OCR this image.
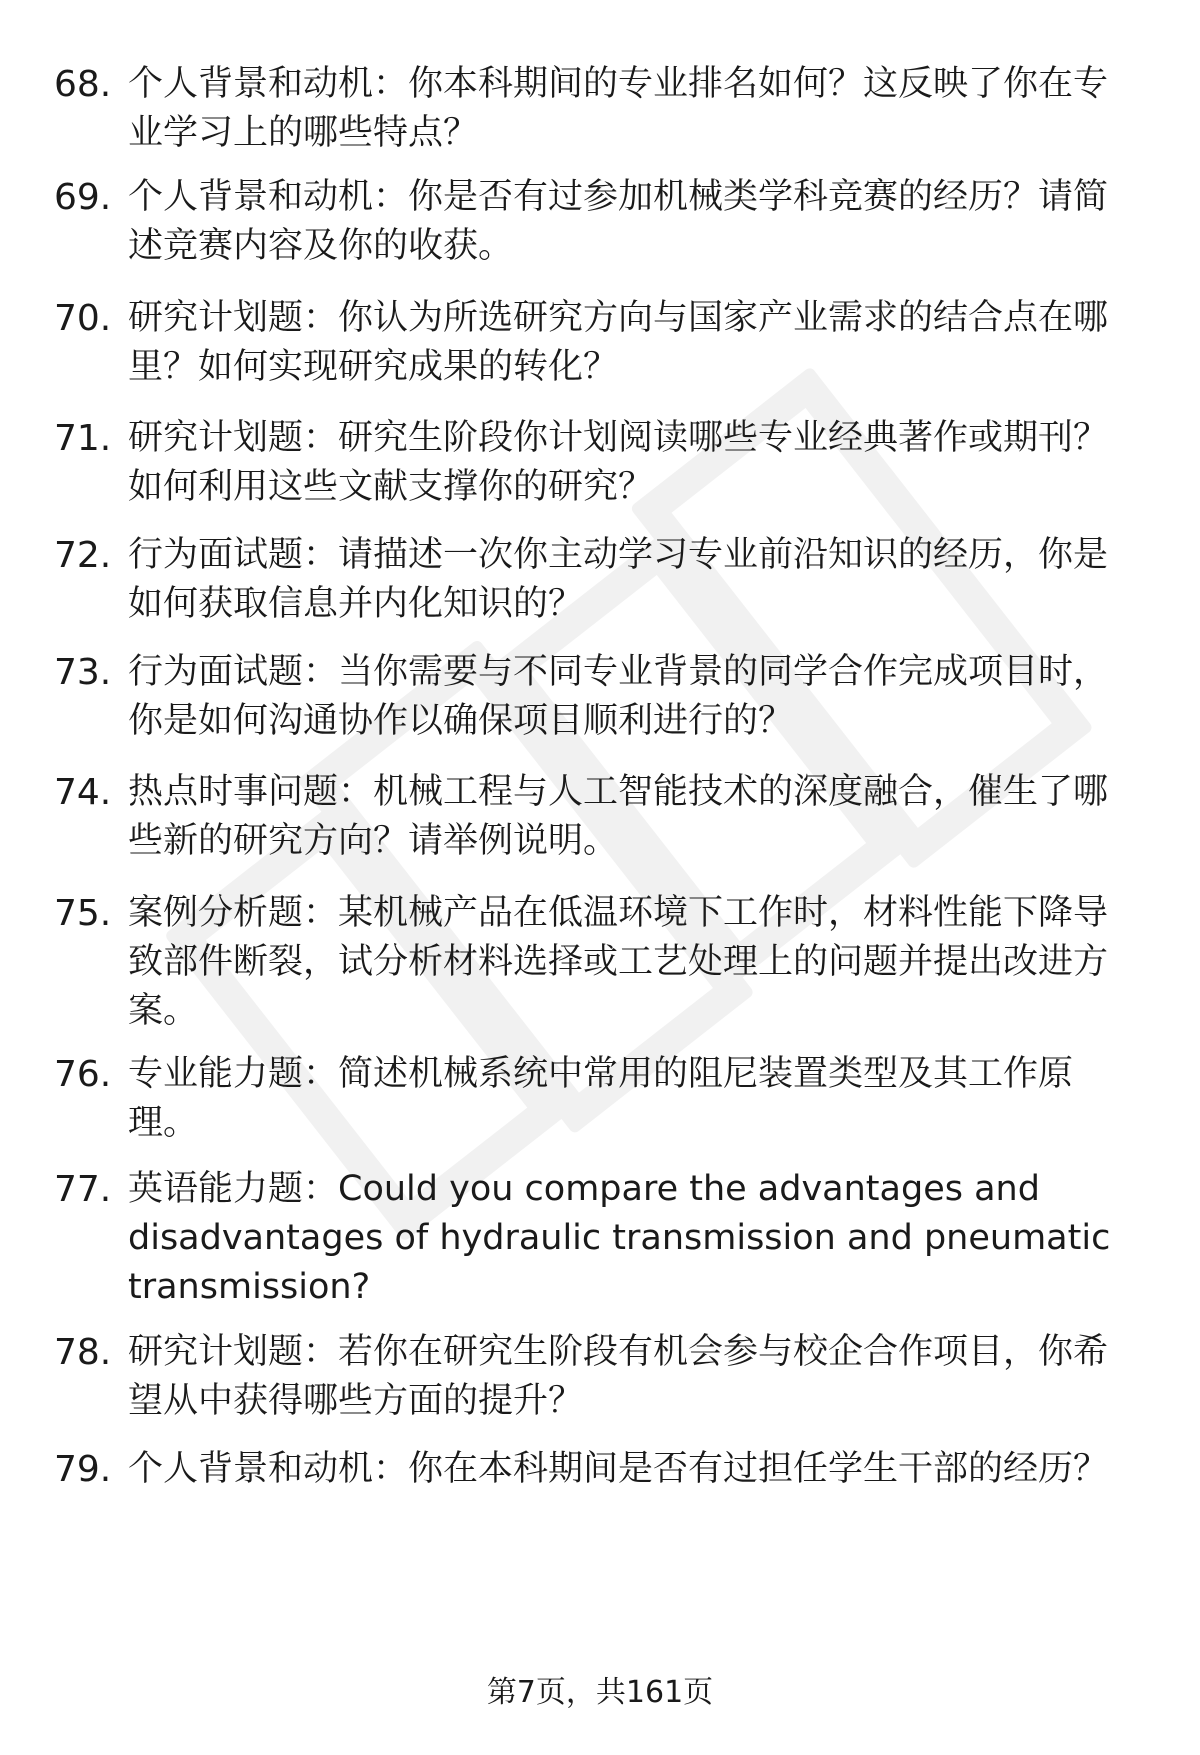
68. 个人背景和动机：你本科期间的专业排名如何？这反映了你在专业学习上的哪些特点？
69. 个人背景和动机：你是否有过参加机械类学科竞赛的经历？请简述竞赛内容及你的收获。
70. 研究计划题：你认为所选研究方向与国家产业需求的结合点在哪里？如何实现研究成果的转化？
71. 研究计划题：研究生阶段你计划阅读哪些专业经典著作或期刊？如何利用这些文献支撑你的研究？
72. 行为面试题：请描述一次你主动学习专业前沿知识的经历，你是如何获取信息并内化知识的？
73. 行为面试题：当你需要与不同专业背景的同学合作完成项目时，你是如何沟通协作以确保项目顺利进行的？
74. 热点时事问题：机械工程与人工智能技术的深度融合，催生了哪些新的研究方向？请举例说明。
75. 案例分析题：某机械产品在低温环境下工作时，材料性能下降导致部件断裂，试分析材料选择或工艺处理上的问题并提出改进方案。
76. 专业能力题：简述机械系统中常用的阻尼装置类型及其工作原理。
77. 英语能力题：Could you compare the advantages and disadvantages of hydraulic transmission and pneumatic transmission?
78. 研究计划题：若你在研究生阶段有机会参与校企合作项目，你希望从中获得哪些方面的提升？
79. 个人背景和动机：你在本科期间是否有过担任学生干部的经历？
第7页，共161页
